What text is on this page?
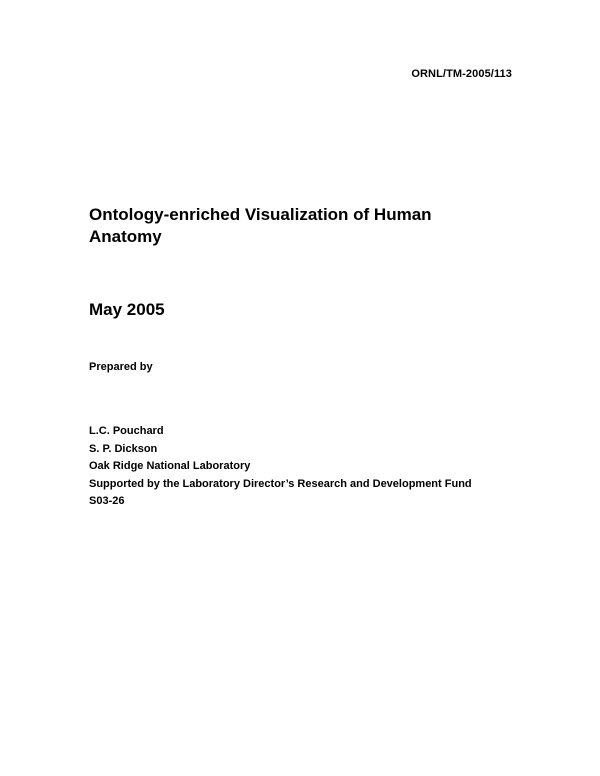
ORNL/TM-2005/113
Ontology-enriched Visualization of Human Anatomy
May 2005
Prepared by
L.C. Pouchard
S. P. Dickson
Oak Ridge National Laboratory
Supported by the Laboratory Director’s Research and Development Fund
S03-26
